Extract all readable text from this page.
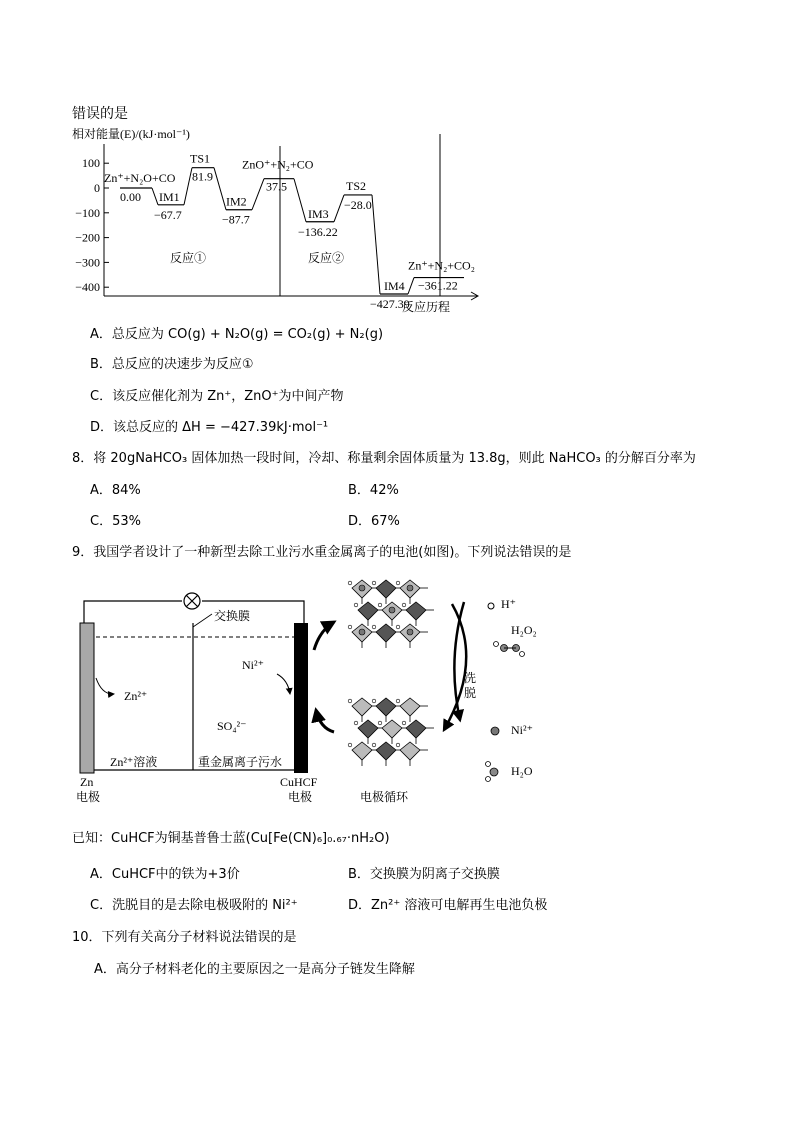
错误的是
相对能量(E)/(kJ·mol⁻¹)
100
0
−100
−200
−300
−400
反应历程
反应①	反应②
Zn⁺+N₂O+CO
0.00
TS1
81.9
IM1
−67.7
IM2
−87.7
ZnO⁺+N₂+CO
37.5
IM3
−136.22
TS2
−28.0
IM4
−427.39
Zn⁺+N₂+CO₂
−361.22
A．总反应为 CO(g) + N₂O(g) = CO₂(g) + N₂(g)
B．总反应的决速步为反应①
C．该反应催化剂为 Zn⁺，ZnO⁺为中间产物
D．该总反应的 ΔH = −427.39kJ·mol⁻¹
8．将 20gNaHCO₃ 固体加热一段时间，冷却、称量剩余固体质量为 13.8g，则此 NaHCO₃ 的分解百分率为
A．84%	B．42%
C．53%	D．67%
9．我国学者设计了一种新型去除工业污水重金属离子的电池(如图)。下列说法错误的是
交换膜
Zn²⁺
Ni²⁺
SO₄²⁻
Zn²⁺溶液	重金属离子污水
Zn
电极
CuHCF
电极	电极循环
洗
脱
H⁺
H₂O₂
Ni²⁺
H₂O
已知：CuHCF为铜基普鲁士蓝(Cu[Fe(CN)₆]₀.₆₇·nH₂O)
A．CuHCF中的铁为+3价	B．交换膜为阴离子交换膜
C．洗脱目的是去除电极吸附的 Ni²⁺	D．Zn²⁺ 溶液可电解再生电池负极
10．下列有关高分子材料说法错误的是
A．高分子材料老化的主要原因之一是高分子链发生降解
